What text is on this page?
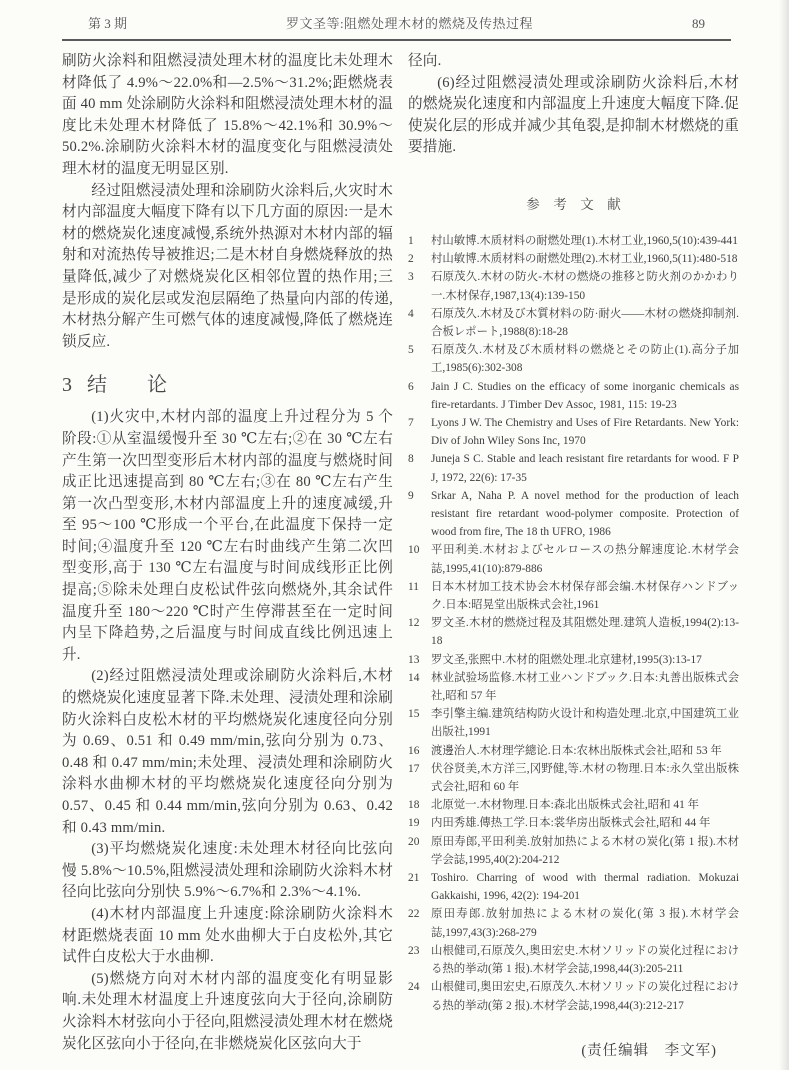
第 3 期	罗文圣等:阻燃处理木材的燃烧及传热过程	89

刷防火涂料和阻燃浸渍处理木材的温度比未处理木材降低了 4.9%～22.0%和—2.5%～31.2%;距燃烧表面 40 mm 处涂刷防火涂料和阻燃浸渍处理木材的温度比未处理木材降低了 15.8%～42.1%和 30.9%～50.2%.涂刷防火涂料木材的温度变化与阻燃浸渍处理木材的温度无明显区别.

经过阻燃浸渍处理和涂刷防火涂料后,火灾时木材内部温度大幅度下降有以下几方面的原因:一是木材的燃烧炭化速度减慢,系统外热源对木材内部的辐射和对流热传导被推迟;二是木材自身燃烧释放的热量降低,减少了对燃烧炭化区相邻位置的热作用;三是形成的炭化层或发泡层隔绝了热量向内部的传递,木材热分解产生可燃气体的速度减慢,降低了燃烧连锁反应.

3 结　　论

(1)火灾中,木材内部的温度上升过程分为 5 个阶段:①从室温缓慢升至 30 ℃左右;②在 30 ℃左右产生第一次凹型变形后木材内部的温度与燃烧时间成正比迅速提高到 80 ℃左右;③在 80 ℃左右产生第一次凸型变形,木材内部温度上升的速度减缓,升至 95～100 ℃形成一个平台,在此温度下保持一定时间;④温度升至 120 ℃左右时曲线产生第二次凹型变形,高于 130 ℃左右温度与时间成线形正比例提高;⑤除未处理白皮松试件弦向燃烧外,其余试件温度升至 180～220 ℃时产生停滞甚至在一定时间内呈下降趋势,之后温度与时间成直线比例迅速上升.

(2)经过阻燃浸渍处理或涂刷防火涂料后,木材的燃烧炭化速度显著下降.未处理、浸渍处理和涂刷防火涂料白皮松木材的平均燃烧炭化速度径向分别为 0.69、0.51 和 0.49 mm/min,弦向分别为 0.73、0.48 和 0.47 mm/min;未处理、浸渍处理和涂刷防火涂料水曲柳木材的平均燃烧炭化速度径向分别为 0.57、0.45 和 0.44 mm/min,弦向分别为 0.63、0.42 和 0.43 mm/min.

(3)平均燃烧炭化速度:未处理木材径向比弦向慢 5.8%～10.5%,阻燃浸渍处理和涂刷防火涂料木材径向比弦向分别快 5.9%～6.7%和 2.3%～4.1%.

(4)木材内部温度上升速度:除涂刷防火涂料木材距燃烧表面 10 mm 处水曲柳大于白皮松外,其它试件白皮松大于水曲柳.

(5)燃烧方向对木材内部的温度变化有明显影响.未处理木材温度上升速度弦向大于径向,涂刷防火涂料木材弦向小于径向,阻燃浸渍处理木材在燃烧炭化区弦向小于径向,在非燃烧炭化区弦向大于

径向.

(6)经过阻燃浸渍处理或涂刷防火涂料后,木材的燃烧炭化速度和内部温度上升速度大幅度下降.促使炭化层的形成并减少其龟裂,是抑制木材燃烧的重要措施.

参　考　文　献
1	村山敏博.木质材料の耐燃处理(1).木材工业,1960,5(10):439-441
2	村山敏博.木质材料の耐燃处理(2).木材工业,1960,5(11):480-518
3	石原茂久.木材の防火-木材の燃烧の推移と防火剂のかかわり一.木材保存,1987,13(4):139-150
4	石原茂久.木材及び木質材料の防·耐火——木材の燃烧抑制剂.合板レポート,1988(8):18-28
5	石原茂久.木材及び木质材料の燃烧とその防止(1).高分子加工,1985(6):302-308
6	Jain J C. Studies on the efficacy of some inorganic chemicals as fire-retardants. J Timber Dev Assoc, 1981, 115: 19-23
7	Lyons J W. The Chemistry and Uses of Fire Retardants. New York: Div of John Wiley Sons Inc, 1970
8	Juneja S C. Stable and leach resistant fire retardants for wood. F P J, 1972, 22(6): 17-35
9	Srkar A, Naha P. A novel method for the production of leach resistant fire retardant wood-polymer composite. Protection of wood from fire, The 18 th UFRO, 1986
10	平田利美.木材およびセルロースの热分解速度论.木材学会誌,1995,41(10):879-886
11	日本木材加工技术协会木材保存部会编.木材保存ハンドブック.日本:昭晃堂出版株式会社,1961
12	罗文圣.木材的燃烧过程及其阻燃处理.建筑人造板,1994(2):13-18
13	罗文圣,张熙中.木材的阻燃处理.北京建材,1995(3):13-17
14	林业試验场监修.木材工业ハンドブック.日本:丸善出版株式会社,昭和 57 年
15	李引擎主编.建筑结构防火设计和构造处理.北京,中国建筑工业出版社,1991
16	渡邊治人.木材理学總论.日本:农林出版株式会社,昭和 53 年
17	伏谷贤美,木方洋三,冈野健,等.木材の物理.日本:永久堂出版株式会社,昭和 60 年
18	北原觉一.木材物理.日本:森北出版株式会社,昭和 41 年
19	内田秀雄.傳热工学.日本:裳华房出版株式会社,昭和 44 年
20	原田寿郎,平田利美.放射加热による木材の炭化(第 1 报).木材学会誌,1995,40(2):204-212
21	Toshiro. Charring of wood with thermal radiation. Mokuzai Gakkaishi, 1996, 42(2): 194-201
22	原田寿郎.放射加热による木材の炭化(第 3 报).木材学会誌,1997,43(3):268-279
23	山根健司,石原茂久,奥田宏史.木材ソリッドの炭化过程における热的挙动(第 1 报).木材学会誌,1998,44(3):205-211
24	山根健司,奥田宏史,石原茂久.木材ソリッドの炭化过程における热的挙动(第 2 报).木材学会誌,1998,44(3):212-217
(责任编辑　李文军)
